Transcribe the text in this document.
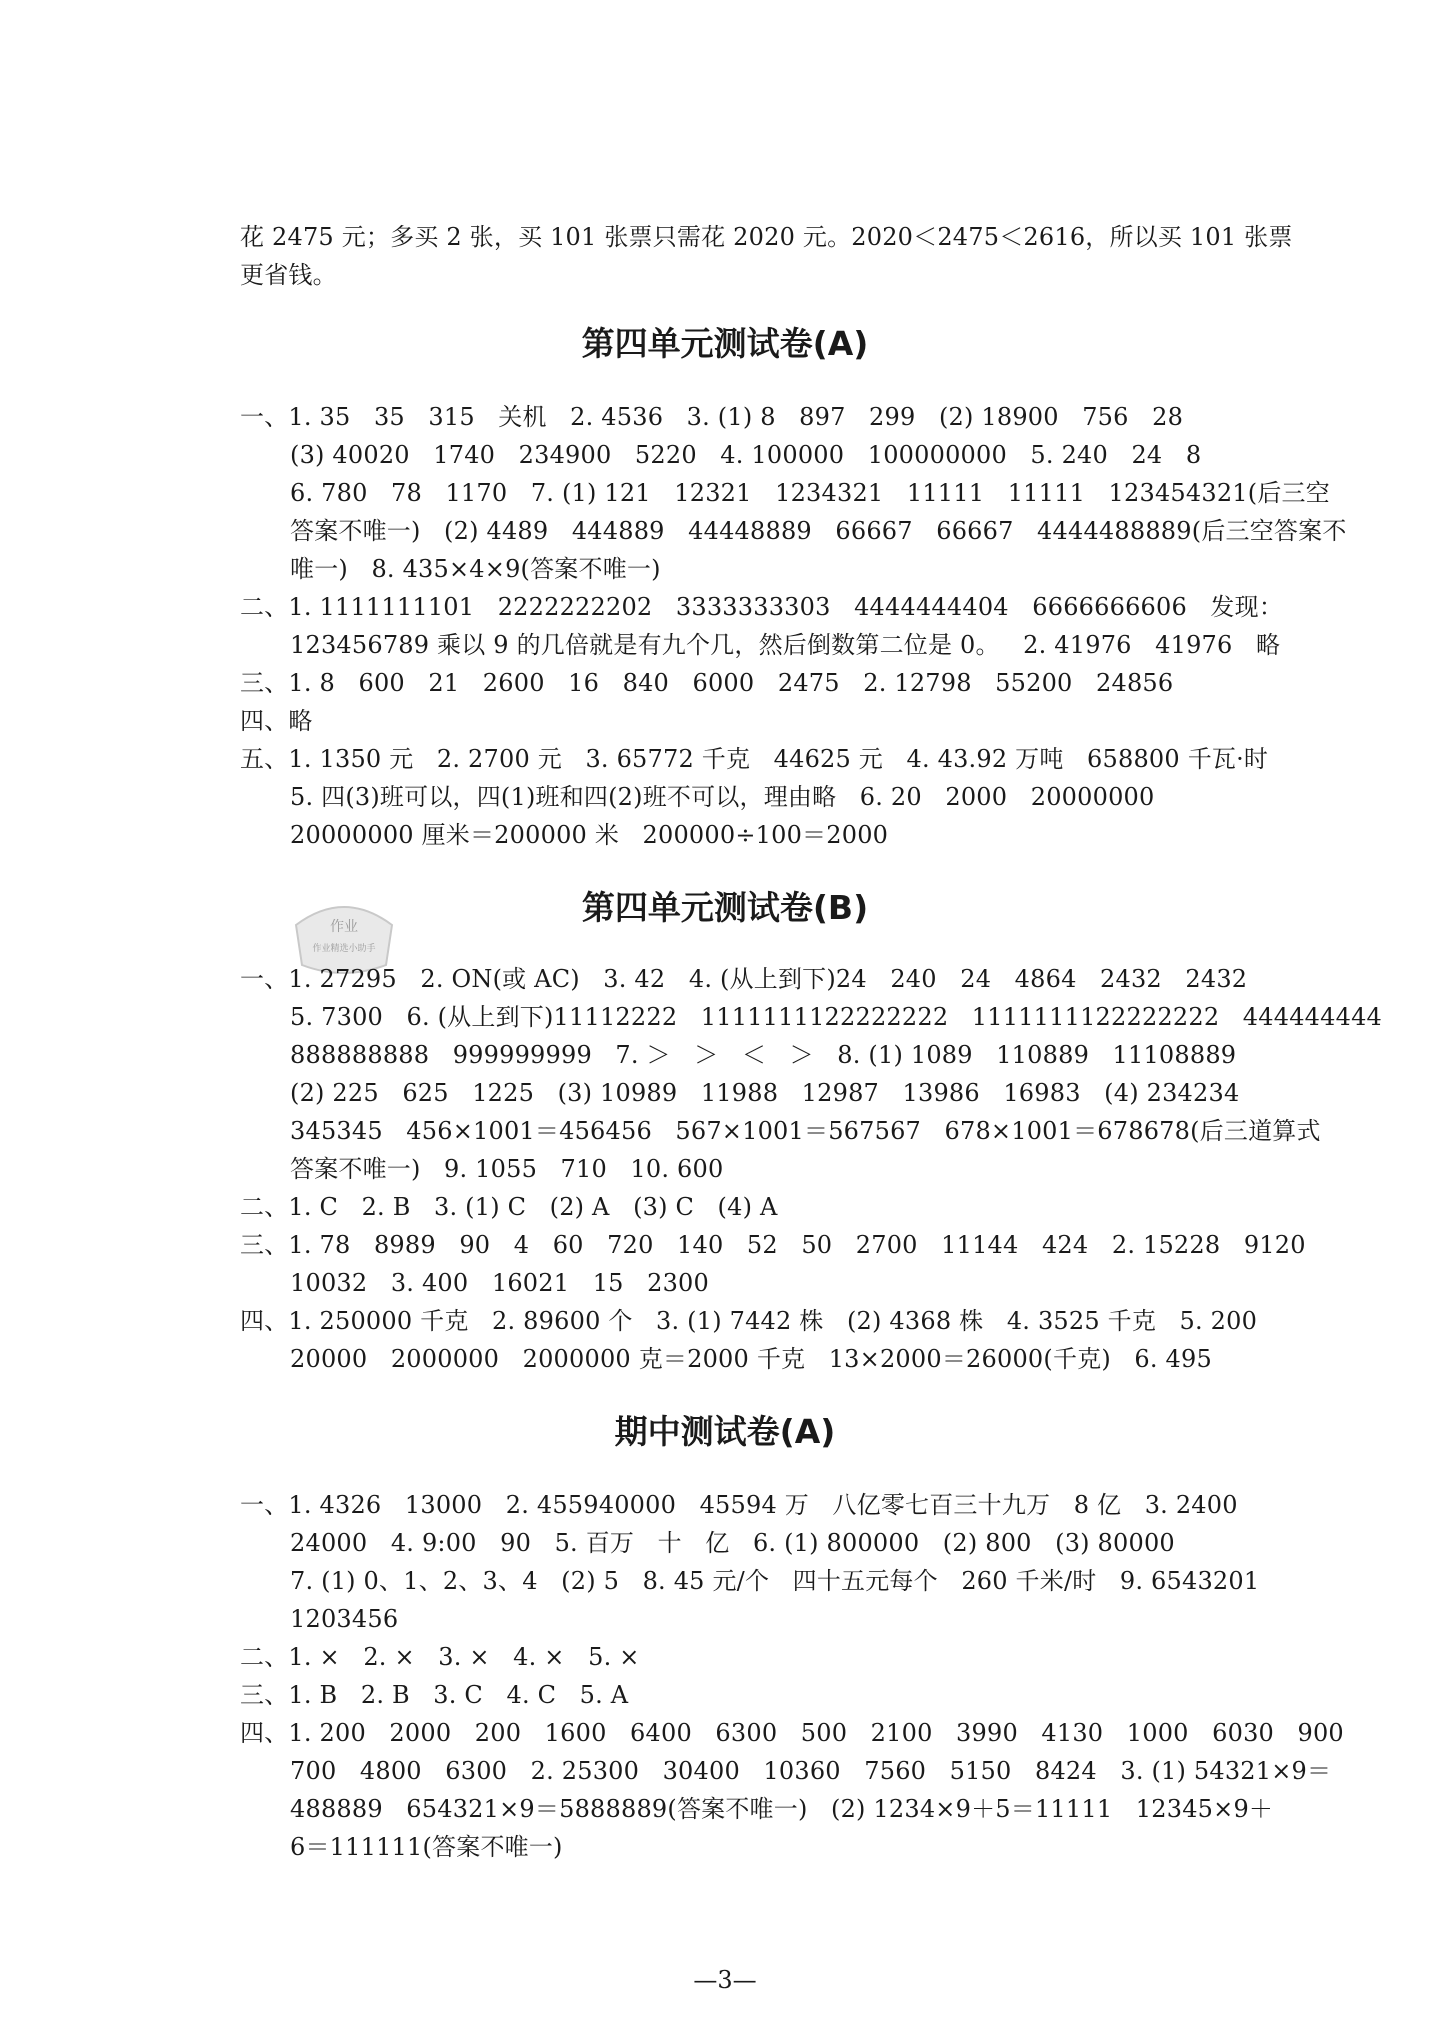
花 2475 元；多买 2 张，买 101 张票只需花 2020 元。2020＜2475＜2616，所以买 101 张票
更省钱。
第四单元测试卷(A)
一、1. 35   35   315   关机   2. 4536   3. (1) 8   897   299   (2) 18900   756   28
(3) 40020   1740   234900   5220   4. 100000   100000000   5. 240   24   8
6. 780   78   1170   7. (1) 121   12321   1234321   11111   11111   123454321(后三空
答案不唯一)   (2) 4489   444889   44448889   66667   66667   4444488889(后三空答案不
唯一)   8. 435×4×9(答案不唯一)
二、1. 1111111101   2222222202   3333333303   4444444404   6666666606   发现：
123456789 乘以 9 的几倍就是有九个几，然后倒数第二位是 0。   2. 41976   41976   略
三、1. 8   600   21   2600   16   840   6000   2475   2. 12798   55200   24856
四、略
五、1. 1350 元   2. 2700 元   3. 65772 千克   44625 元   4. 43.92 万吨   658800 千瓦·时
5. 四(3)班可以，四(1)班和四(2)班不可以，理由略   6. 20   2000   20000000
20000000 厘米＝200000 米   200000÷100＝2000
作业
作业精选小助手
第四单元测试卷(B)
一、1. 27295   2. ON(或 AC)   3. 42   4. (从上到下)24   240   24   4864   2432   2432
5. 7300   6. (从上到下)11112222   1111111122222222   1111111122222222   444444444
888888888   999999999   7. ＞   ＞   ＜   ＞   8. (1) 1089   110889   11108889
(2) 225   625   1225   (3) 10989   11988   12987   13986   16983   (4) 234234
345345   456×1001＝456456   567×1001＝567567   678×1001＝678678(后三道算式
答案不唯一)   9. 1055   710   10. 600
二、1. C   2. B   3. (1) C   (2) A   (3) C   (4) A
三、1. 78   8989   90   4   60   720   140   52   50   2700   11144   424   2. 15228   9120
10032   3. 400   16021   15   2300
四、1. 250000 千克   2. 89600 个   3. (1) 7442 株   (2) 4368 株   4. 3525 千克   5. 200
20000   2000000   2000000 克＝2000 千克   13×2000＝26000(千克)   6. 495
期中测试卷(A)
一、1. 4326   13000   2. 455940000   45594 万   八亿零七百三十九万   8 亿   3. 2400
24000   4. 9:00   90   5. 百万   十   亿   6. (1) 800000   (2) 800   (3) 80000
7. (1) 0、1、2、3、4   (2) 5   8. 45 元/个   四十五元每个   260 千米/时   9. 6543201
1203456
二、1. ×   2. ×   3. ×   4. ×   5. ×
三、1. B   2. B   3. C   4. C   5. A
四、1. 200   2000   200   1600   6400   6300   500   2100   3990   4130   1000   6030   900
700   4800   6300   2. 25300   30400   10360   7560   5150   8424   3. (1) 54321×9＝
488889   654321×9＝5888889(答案不唯一)   (2) 1234×9＋5＝11111   12345×9＋
6＝111111(答案不唯一)
—3—
